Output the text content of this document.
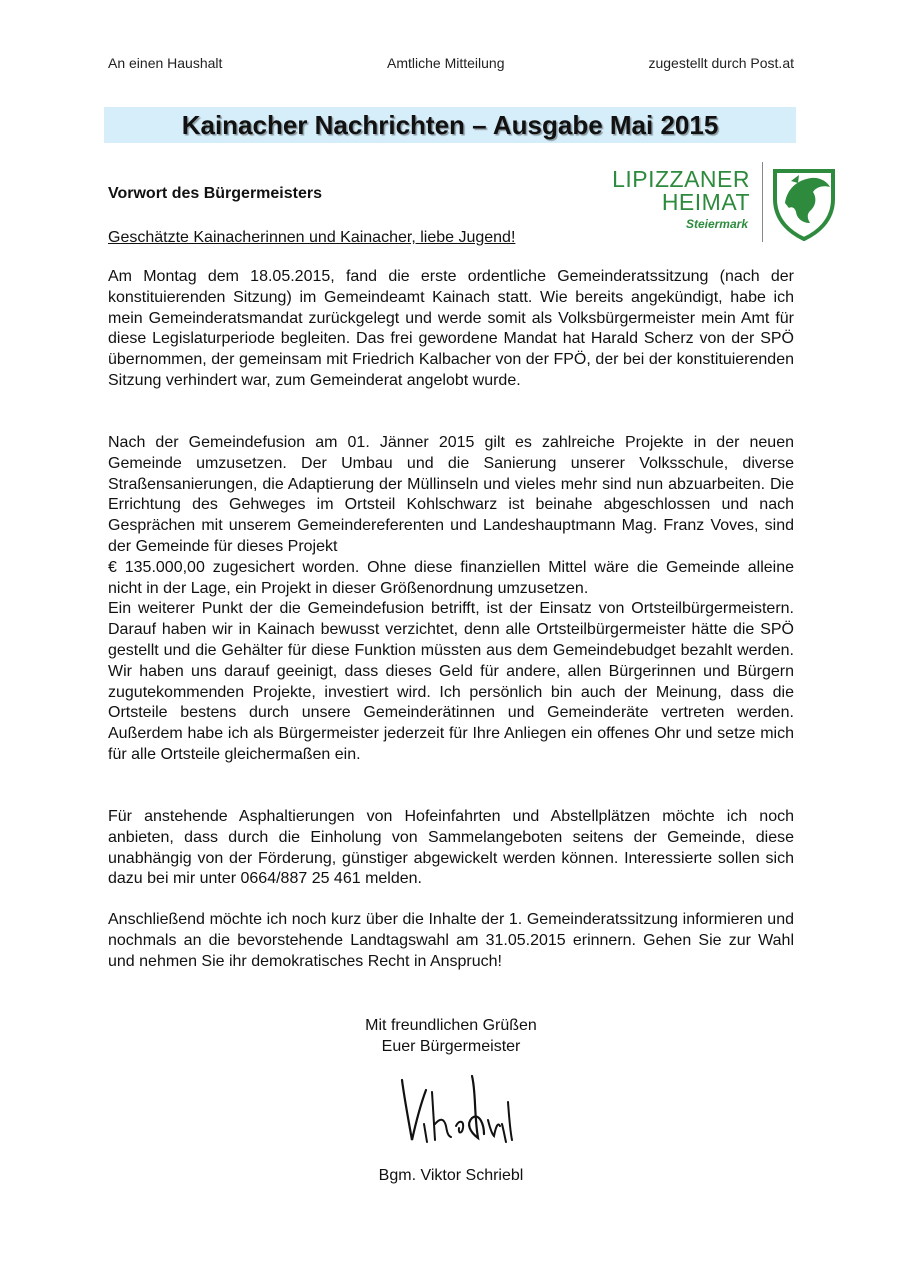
An einen Haushalt	Amtliche Mitteilung	zugestellt durch Post.at
Kainacher Nachrichten – Ausgabe Mai 2015
LIPIZZANER
HEIMAT
Steiermark
Vorwort des Bürgermeisters

Geschätzte Kainacherinnen und Kainacher, liebe Jugend!

Am Montag dem 18.05.2015, fand die erste ordentliche Gemeinderatssitzung (nach der konstituierenden Sitzung) im Gemeindeamt Kainach statt. Wie bereits angekündigt, habe ich mein Gemeinderatsmandat zurückgelegt und werde somit als Volksbürgermeister mein Amt für diese Legislaturperiode begleiten. Das frei gewordene Mandat hat Harald Scherz von der SPÖ übernommen, der gemeinsam mit Friedrich Kalbacher von der FPÖ, der bei der konstituierenden Sitzung verhindert war, zum Gemeinderat angelobt wurde.

Nach der Gemeindefusion am 01. Jänner 2015 gilt es zahlreiche Projekte in der neuen Gemeinde umzusetzen. Der Umbau und die Sanierung unserer Volksschule, diverse Straßensanierungen, die Adaptierung der Müllinseln und vieles mehr sind nun abzuarbeiten. Die Errichtung des Gehweges im Ortsteil Kohlschwarz ist beinahe abgeschlossen und nach Gesprächen mit unserem Gemeindereferenten und Landeshauptmann Mag. Franz Voves, sind der Gemeinde für dieses Projekt
€ 135.000,00 zugesichert worden. Ohne diese finanziellen Mittel wäre die Gemeinde alleine nicht in der Lage, ein Projekt in dieser Größenordnung umzusetzen.
Ein weiterer Punkt der die Gemeindefusion betrifft, ist der Einsatz von Ortsteilbürgermeistern. Darauf haben wir in Kainach bewusst verzichtet, denn alle Ortsteilbürgermeister hätte die SPÖ gestellt und die Gehälter für diese Funktion müssten aus dem Gemeindebudget bezahlt werden. Wir haben uns darauf geeinigt, dass dieses Geld für andere, allen Bürgerinnen und Bürgern zugutekommenden Projekte, investiert wird. Ich persönlich bin auch der Meinung, dass die Ortsteile bestens durch unsere Gemeinderätinnen und Gemeinderäte vertreten werden. Außerdem habe ich als Bürgermeister jederzeit für Ihre Anliegen ein offenes Ohr und setze mich für alle Ortsteile gleichermaßen ein.

Für anstehende Asphaltierungen von Hofeinfahrten und Abstellplätzen möchte ich noch anbieten, dass durch die Einholung von Sammelangeboten seitens der Gemeinde, diese unabhängig von der Förderung, günstiger abgewickelt werden können. Interessierte sollen sich dazu bei mir unter 0664/887 25 461 melden.

Anschließend möchte ich noch kurz über die Inhalte der 1. Gemeinderatssitzung informieren und nochmals an die bevorstehende Landtagswahl am 31.05.2015 erinnern. Gehen Sie zur Wahl und nehmen Sie ihr demokratisches Recht in Anspruch!

Mit freundlichen Grüßen
Euer Bürgermeister
Bgm. Viktor Schriebl
